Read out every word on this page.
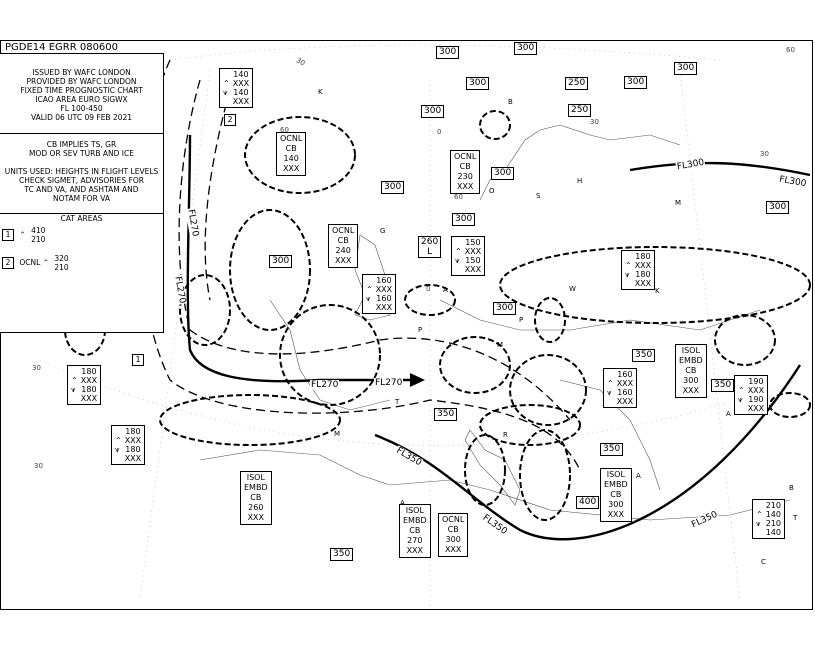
PGDE14 EGRR 080600
ISSUED BY WAFC LONDON
PROVIDED BY WAFC LONDON
FIXED TIME PROGNOSTIC CHART
ICAO AREA EURO SIGWX
FL 100-450
VALID 06 UTC 09 FEB 2021
CB IMPLIES TS, GR
MOD OR SEV TURB AND ICE
UNITS USED: HEIGHTS IN FLIGHT LEVELS
CHECK SIGMET, ADVISORIES FOR
TC AND VA, AND ASHTAM AND
NOTAM FOR VA
CAT AREAS
1 ⌃ 410
210
2 OCNL ⌃ 320
210
300	300
300
300
300
250
250
300
300
300
300
300
300
300
350
350
350
350
350
400
260
L
OCNL
CB
140
XXX
OCNL
CB
240
XXX
OCNL
CB
230
XXX
ISOL
EMBD
CB
300
XXX
ISOL
EMBD
CB
300
XXX
ISOL
EMBD
CB
260
XXX
ISOL
EMBD
CB
270
XXX
OCNL
CB
300
XXX
⌃
⩛
140
XXX
140
XXX
⌃
⩛
150
XXX
150
XXX
⌃
⩛
160
XXX
160
XXX
⌃
⩛
180
XXX
180
XXX
⌃
⩛
180
XXX
180
XXX
⌃
⩛
180
XXX
180
XXX
⌃
⩛
160
XXX
160
XXX
⌃
⩛
190
XXX
190
XXX
⌃
⩛
210
140
210
140
FL270
FL270
FL270	FL270
FL300
FL300
FL350
FL350	FL350
2
1
K
B
O
S
H
M
G
W
A
P
P
M
T
M	R
A
A
B
T
C
A
K
30
60
30
0
0
30
30
60
60
30
